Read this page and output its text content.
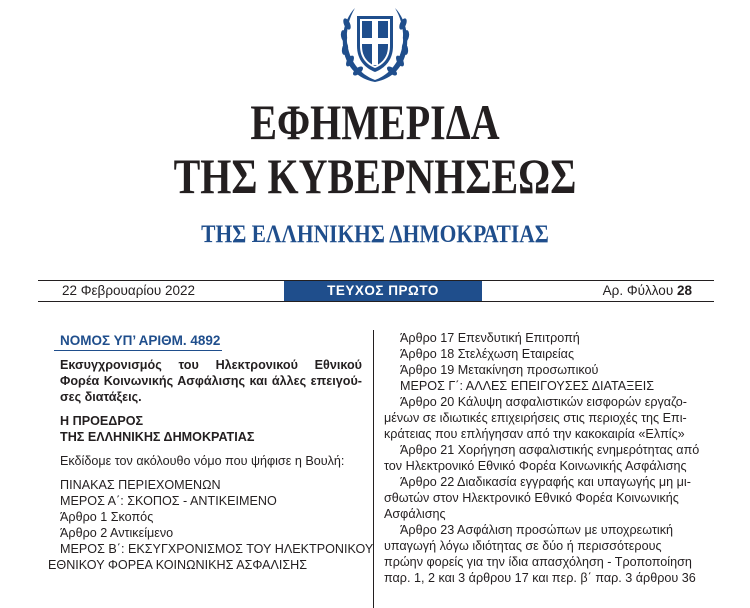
ΕΦΗΜΕΡΙΔΑ
ΤΗΣ ΚΥΒΕΡΝΗΣΕΩΣ
ΤΗΣ ΕΛΛΗΝΙΚΗΣ ΔΗΜΟΚΡΑΤΙΑΣ
22 Φεβρουαρίου 2022	ΤΕΥΧΟΣ ΠΡΩΤΟ	Αρ. Φύλλου 28
ΝΟΜΟΣ ΥΠ’ ΑΡΙΘΜ. 4892
Εκσυγχρονισμός του Ηλεκτρονικού Εθνικού Φορέα Κοινωνικής Ασφάλισης και άλλες επειγού- σες διατάξεις.
Η ΠΡΟΕΔΡΟΣ
ΤΗΣ ΕΛΛΗΝΙΚΗΣ ΔΗΜΟΚΡΑΤΙΑΣ
Εκδίδομε τον ακόλουθο νόμο που ψήφισε η Βουλή:
ΠΙΝΑΚΑΣ ΠΕΡΙΕΧΟΜΕΝΩΝ
ΜΕΡΟΣ Α΄: ΣΚΟΠΟΣ - ΑΝΤΙΚΕΙΜΕΝΟ
Άρθρο 1 Σκοπός
Άρθρο 2 Αντικείμενο
ΜΕΡΟΣ Β΄: ΕΚΣΥΓΧΡΟΝΙΣΜΟΣ ΤΟΥ ΗΛΕΚΤΡΟΝΙΚΟΥ
ΕΘΝΙΚΟΥ ΦΟΡΕΑ ΚΟΙΝΩΝΙΚΗΣ ΑΣΦΑΛΙΣΗΣ
Άρθρο 17 Επενδυτική Επιτροπή
Άρθρο 18 Στελέχωση Εταιρείας
Άρθρο 19 Μετακίνηση προσωπικού
ΜΕΡΟΣ Γ΄: ΑΛΛΕΣ ΕΠΕΙΓΟΥΣΕΣ ΔΙΑΤΑΞΕΙΣ
Άρθρο 20 Κάλυψη ασφαλιστικών εισφορών εργαζο-
μένων σε ιδιωτικές επιχειρήσεις στις περιοχές της Επι-
κράτειας που επλήγησαν από την κακοκαιρία «Ελπίς»
Άρθρο 21 Χορήγηση ασφαλιστικής ενημερότητας από
τον Ηλεκτρονικό Εθνικό Φορέα Κοινωνικής Ασφάλισης
Άρθρο 22 Διαδικασία εγγραφής και υπαγωγής μη μι-
σθωτών στον Ηλεκτρονικό Εθνικό Φορέα Κοινωνικής
Ασφάλισης
Άρθρο 23 Ασφάλιση προσώπων με υποχρεωτική
υπαγωγή λόγω ιδιότητας σε δύο ή περισσότερους
πρώην φορείς για την ίδια απασχόληση - Τροποποίηση
παρ. 1, 2 και 3 άρθρου 17 και περ. β΄ παρ. 3 άρθρου 36
